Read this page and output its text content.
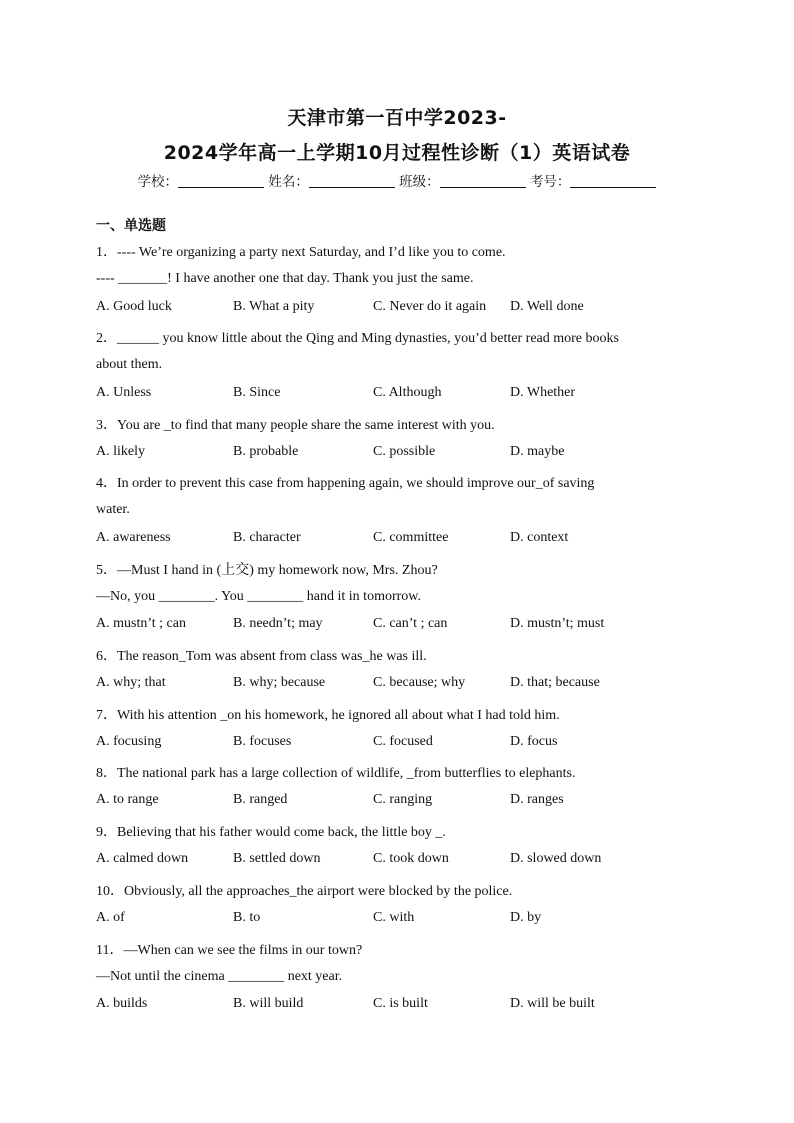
天津市第一百中学2023-
2024学年高一上学期10月过程性诊断（1）英语试卷
学校：	姓名：	班级：	考号：
一、单选题
1．---- We’re organizing a party next Saturday, and I’d like you to come.
---- _______! I have another one that day. Thank you just the same.
A. Good luck	B. What a pity	C. Never do it again D. Well done
2．______ you know little about the Qing and Ming dynasties, you’d better read more books
about them.
A. Unless	B. Since	C. Although	D. Whether
3．You are _to find that many people share the same interest with you.
A. likely	B. probable	C. possible	D. maybe
4．In order to prevent this case from happening again, we should improve our_of saving
water.
A. awareness	B. character	C. committee	D. context
5．—Must I hand in (上交) my homework now, Mrs. Zhou?
—No, you ________. You ________ hand it in tomorrow.
A. mustn’t ; can	B. needn’t; may	C. can’t ; can	D. mustn’t; must
6．The reason_Tom was absent from class was_he was ill.
A. why; that	B. why; because	C. because; why	D. that; because
7．With his attention _on his homework, he ignored all about what I had told him.
A. focusing	B. focuses	C. focused	D. focus
8．The national park has a large collection of wildlife, _from butterflies to elephants.
A. to range	B. ranged	C. ranging	D. ranges
9．Believing that his father would come back, the little boy _.
A. calmed down	B. settled down	C. took down	D. slowed down
10．Obviously, all the approaches_the airport were blocked by the police.
A. of	B. to	C. with	D. by
11．—When can we see the films in our town?
—Not until the cinema ________ next year.
A. builds	B. will build	C. is built	D. will be built
